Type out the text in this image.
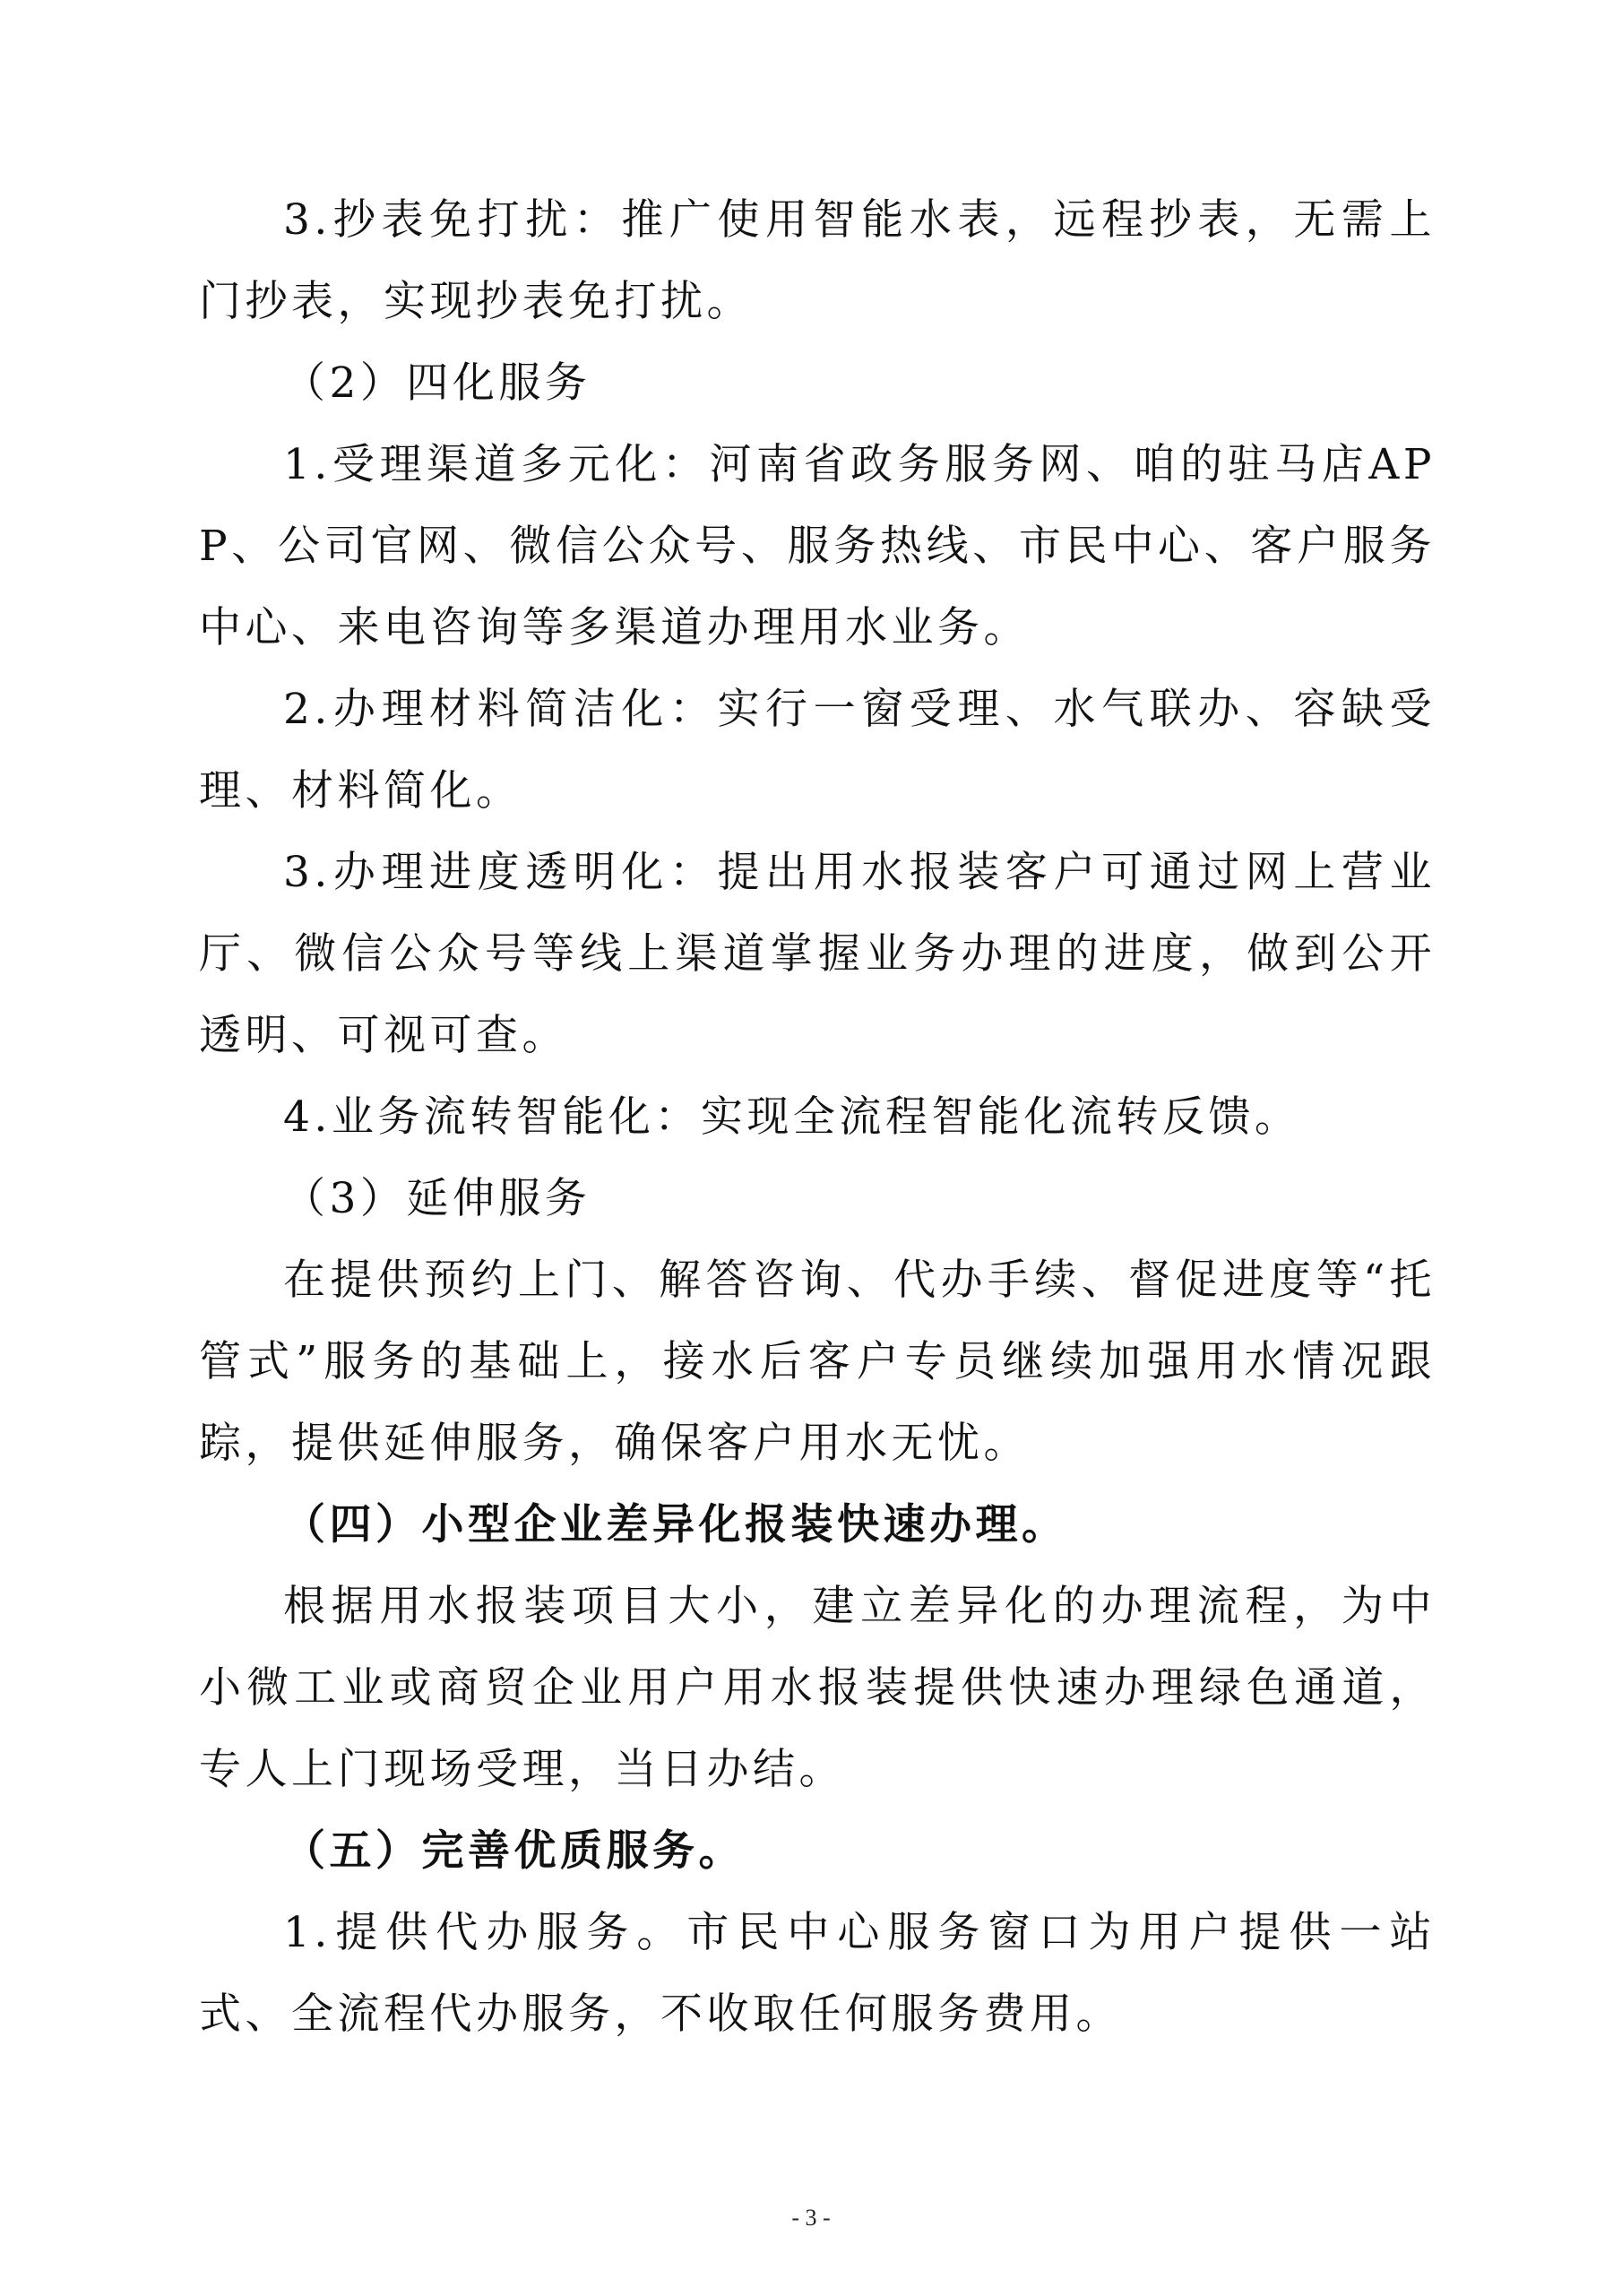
3.抄表免打扰：推广使用智能水表，远程抄表，无需上门抄表，实现抄表免打扰。

（2）四化服务

1.受理渠道多元化：河南省政务服务网、咱的驻马店APP、公司官网、微信公众号、服务热线、市民中心、客户服务中心、来电咨询等多渠道办理用水业务。

2.办理材料简洁化：实行一窗受理、水气联办、容缺受理、材料简化。

3.办理进度透明化：提出用水报装客户可通过网上营业厅、微信公众号等线上渠道掌握业务办理的进度，做到公开透明、可视可查。

4.业务流转智能化：实现全流程智能化流转反馈。

（3）延伸服务

在提供预约上门、解答咨询、代办手续、督促进度等“托管式”服务的基础上，接水后客户专员继续加强用水情况跟踪，提供延伸服务，确保客户用水无忧。

（四）小型企业差异化报装快速办理。

根据用水报装项目大小，建立差异化的办理流程，为中小微工业或商贸企业用户用水报装提供快速办理绿色通道，专人上门现场受理，当日办结。

（五）完善优质服务。

1.提供代办服务。市民中心服务窗口为用户提供一站式、全流程代办服务，不收取任何服务费用。

- 3 -
